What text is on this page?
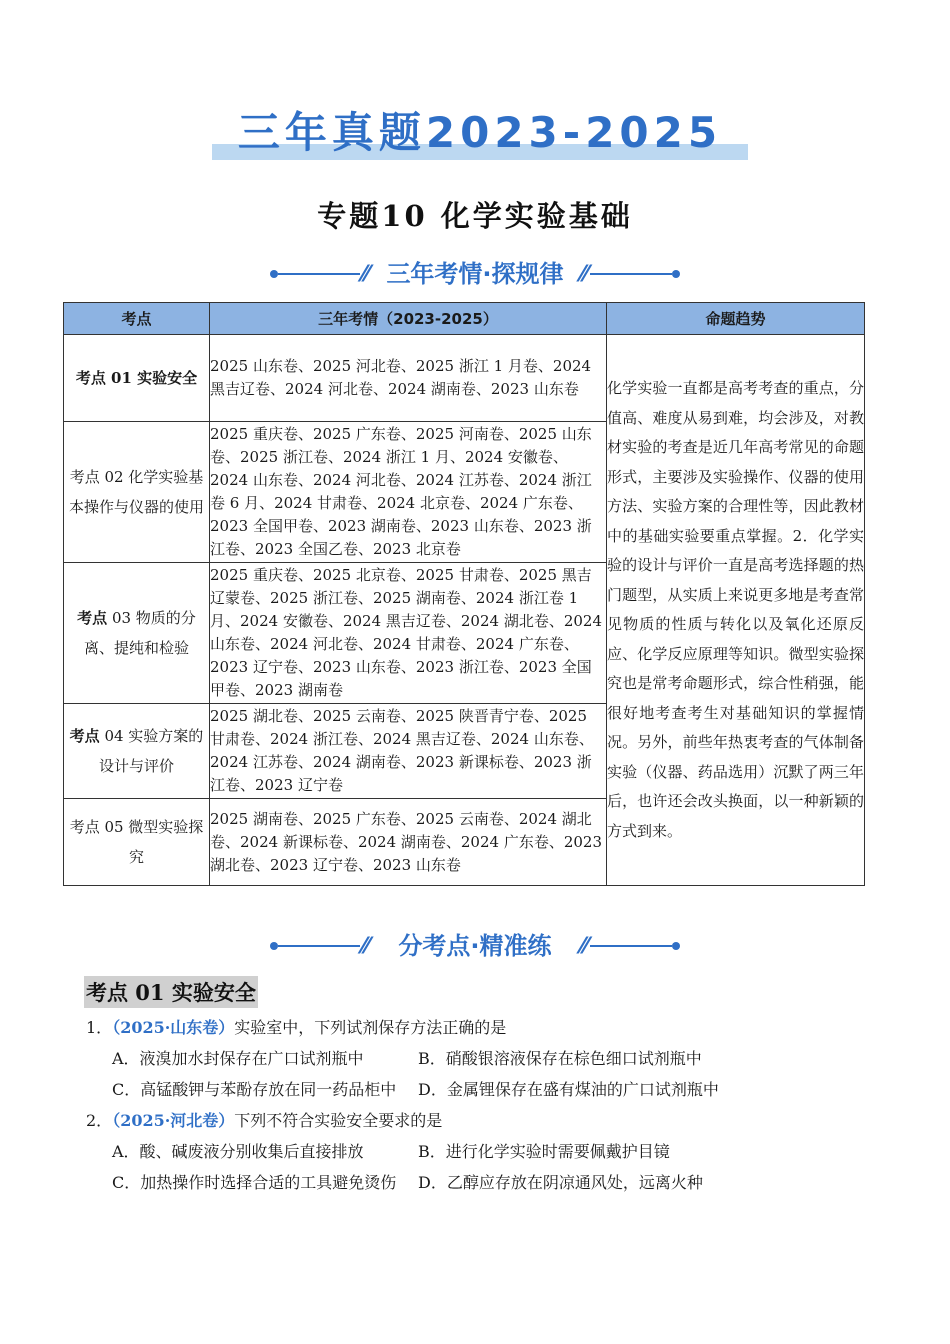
三年真题2023-2025
专题10 化学实验基础
⁄⁄ 三年考情·探规律 ⁄⁄
考点	三年考情（2023-2025）	命题趋势
考点 01 实验安全	2025 山东卷、2025 河北卷、2025 浙江 1 月卷、2024 黑吉辽卷、2024 河北卷、2024 湖南卷、2023 山东卷	化学实验一直都是高考考查的重点，分值高、难度从易到难，均会涉及，对教材实验的考查是近几年高考常见的命题形式，主要涉及实验操作、仪器的使用方法、实验方案的合理性等，因此教材中的基础实验要重点掌握。2．化学实验的设计与评价一直是高考选择题的热门题型，从实质上来说更多地是考查常见物质的性质与转化以及氧化还原反应、化学反应原理等知识。微型实验探究也是常考命题形式，综合性稍强，能很好地考查考生对基础知识的掌握情况。另外，前些年热衷考查的气体制备实验（仪器、药品选用）沉默了两三年后，也许还会改头换面，以一种新颖的方式到来。
考点 02 化学实验基本操作与仪器的使用	2025 重庆卷、2025 广东卷、2025 河南卷、2025 山东卷、2025 浙江卷、2024 浙江 1 月、2024 安徽卷、2024 山东卷、2024 河北卷、2024 江苏卷、2024 浙江卷 6 月、2024 甘肃卷、2024 北京卷、2024 广东卷、2023 全国甲卷、2023 湖南卷、2023 山东卷、2023 浙江卷、2023 全国乙卷、2023 北京卷	
考点 03 物质的分离、提纯和检验	2025 重庆卷、2025 北京卷、2025 甘肃卷、2025 黑吉辽蒙卷、2025 浙江卷、2025 湖南卷、2024 浙江卷 1 月、2024 安徽卷、2024 黑吉辽卷、2024 湖北卷、2024 山东卷、2024 河北卷、2024 甘肃卷、2024 广东卷、2023 辽宁卷、2023 山东卷、2023 浙江卷、2023 全国甲卷、2023 湖南卷	
考点 04 实验方案的设计与评价	2025 湖北卷、2025 云南卷、2025 陕晋青宁卷、2025 甘肃卷、2024 浙江卷、2024 黑吉辽卷、2024 山东卷、2024 江苏卷、2024 湖南卷、2023 新课标卷、2023 浙江卷、2023 辽宁卷	
考点 05 微型实验探究	2025 湖南卷、2025 广东卷、2025 云南卷、2024 湖北卷、2024 新课标卷、2024 湖南卷、2024 广东卷、2023 湖北卷、2023 辽宁卷、2023 山东卷	
⁄⁄	分考点·精准练	⁄⁄
考点 01 实验安全
1．（2025·山东卷）实验室中，下列试剂保存方法正确的是
A．液溴加水封保存在广口试剂瓶中	B．硝酸银溶液保存在棕色细口试剂瓶中
C．高锰酸钾与苯酚存放在同一药品柜中 D．金属锂保存在盛有煤油的广口试剂瓶中
2．（2025·河北卷）下列不符合实验安全要求的是
A．酸、碱废液分别收集后直接排放	B．进行化学实验时需要佩戴护目镜
C．加热操作时选择合适的工具避免烫伤 D．乙醇应存放在阴凉通风处，远离火种
